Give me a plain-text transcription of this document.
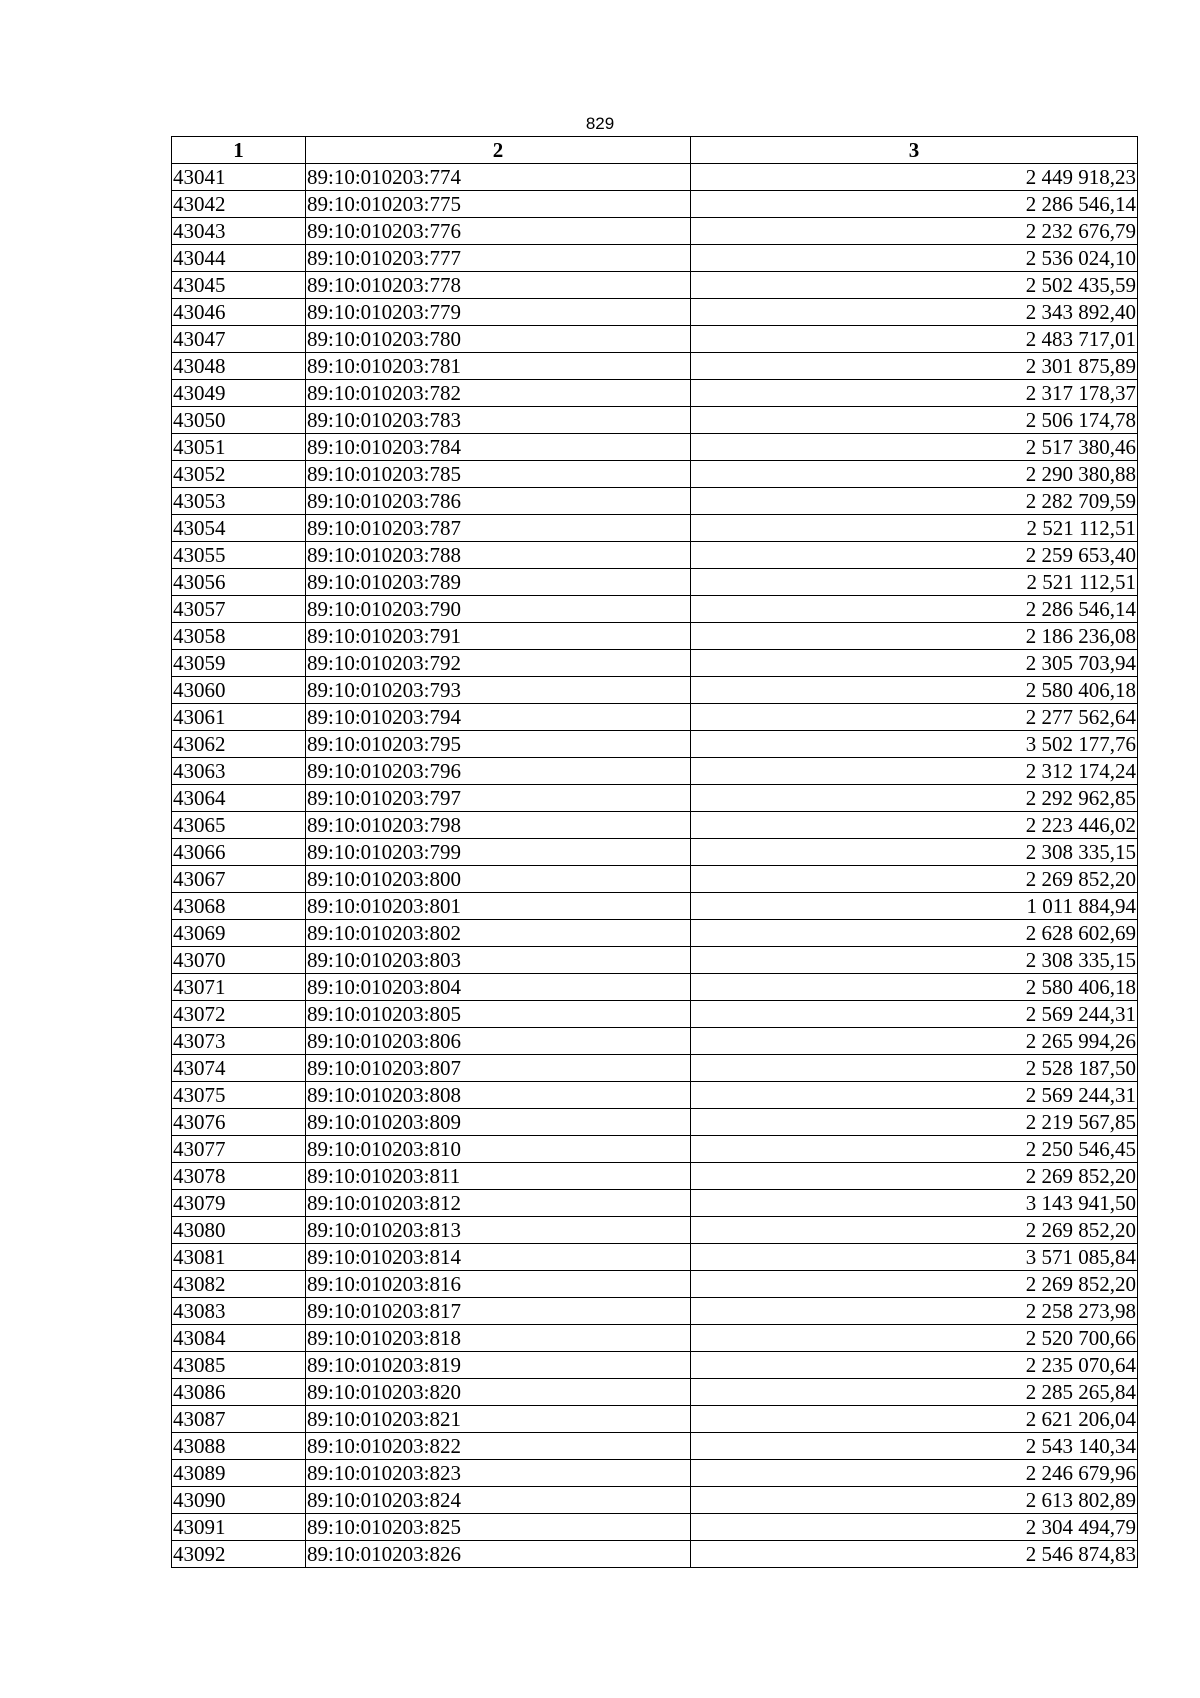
829
1	2	3
43041	89:10:010203:774	2 449 918,23
43042	89:10:010203:775	2 286 546,14
43043	89:10:010203:776	2 232 676,79
43044	89:10:010203:777	2 536 024,10
43045	89:10:010203:778	2 502 435,59
43046	89:10:010203:779	2 343 892,40
43047	89:10:010203:780	2 483 717,01
43048	89:10:010203:781	2 301 875,89
43049	89:10:010203:782	2 317 178,37
43050	89:10:010203:783	2 506 174,78
43051	89:10:010203:784	2 517 380,46
43052	89:10:010203:785	2 290 380,88
43053	89:10:010203:786	2 282 709,59
43054	89:10:010203:787	2 521 112,51
43055	89:10:010203:788	2 259 653,40
43056	89:10:010203:789	2 521 112,51
43057	89:10:010203:790	2 286 546,14
43058	89:10:010203:791	2 186 236,08
43059	89:10:010203:792	2 305 703,94
43060	89:10:010203:793	2 580 406,18
43061	89:10:010203:794	2 277 562,64
43062	89:10:010203:795	3 502 177,76
43063	89:10:010203:796	2 312 174,24
43064	89:10:010203:797	2 292 962,85
43065	89:10:010203:798	2 223 446,02
43066	89:10:010203:799	2 308 335,15
43067	89:10:010203:800	2 269 852,20
43068	89:10:010203:801	1 011 884,94
43069	89:10:010203:802	2 628 602,69
43070	89:10:010203:803	2 308 335,15
43071	89:10:010203:804	2 580 406,18
43072	89:10:010203:805	2 569 244,31
43073	89:10:010203:806	2 265 994,26
43074	89:10:010203:807	2 528 187,50
43075	89:10:010203:808	2 569 244,31
43076	89:10:010203:809	2 219 567,85
43077	89:10:010203:810	2 250 546,45
43078	89:10:010203:811	2 269 852,20
43079	89:10:010203:812	3 143 941,50
43080	89:10:010203:813	2 269 852,20
43081	89:10:010203:814	3 571 085,84
43082	89:10:010203:816	2 269 852,20
43083	89:10:010203:817	2 258 273,98
43084	89:10:010203:818	2 520 700,66
43085	89:10:010203:819	2 235 070,64
43086	89:10:010203:820	2 285 265,84
43087	89:10:010203:821	2 621 206,04
43088	89:10:010203:822	2 543 140,34
43089	89:10:010203:823	2 246 679,96
43090	89:10:010203:824	2 613 802,89
43091	89:10:010203:825	2 304 494,79
43092	89:10:010203:826	2 546 874,83
